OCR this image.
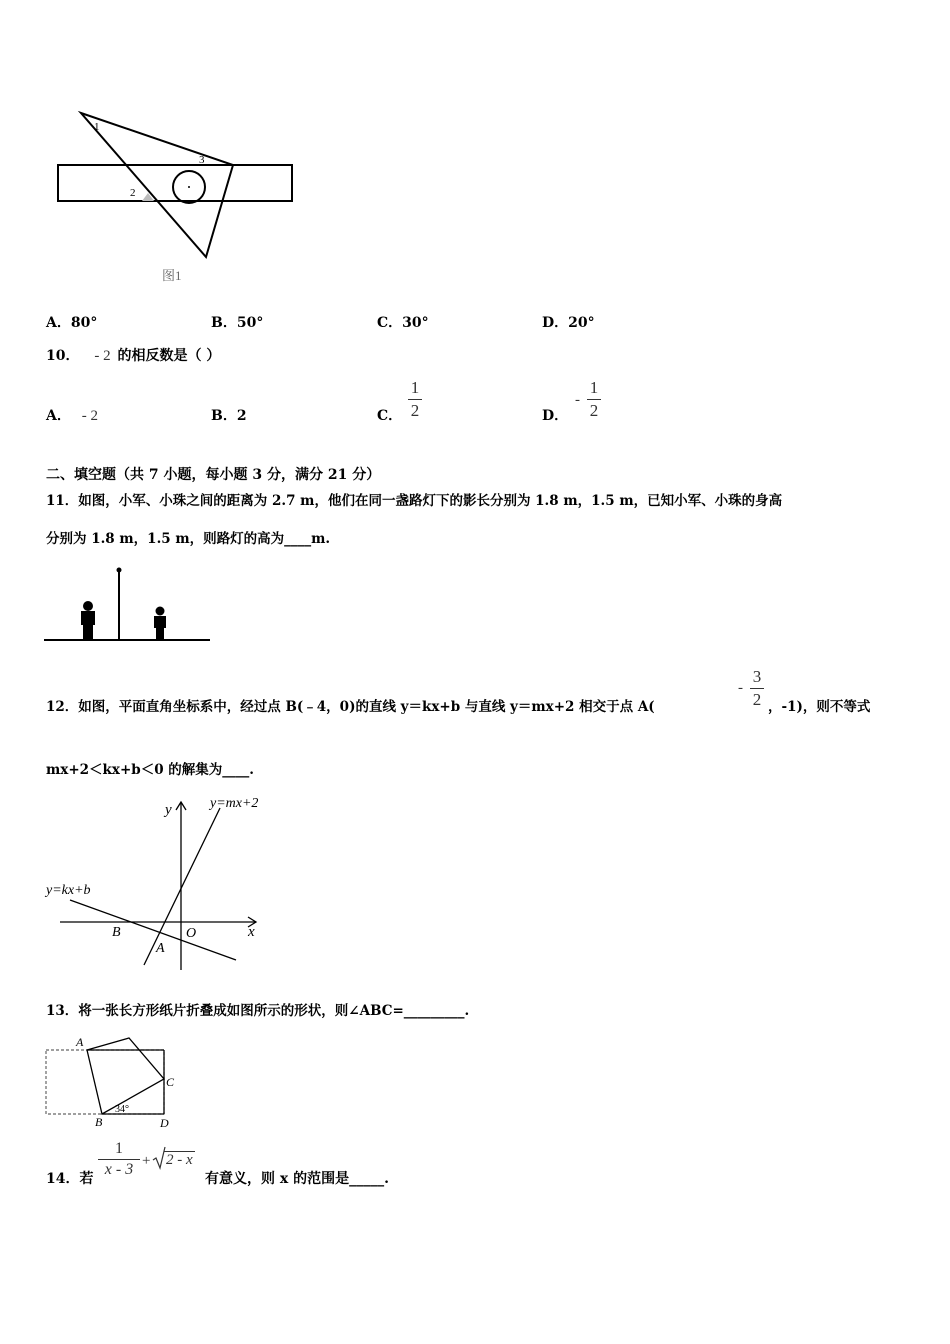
1
2
3
图1
A．80°	B．50°	C．30°	D．20°
10． - 2 的相反数是（ ）
A． - 2	B．2	C．
1
2	D．
-
1
2
二、填空题（共 7 小题，每小题 3 分，满分 21 分）
11．如图，小军、小珠之间的距离为 2.7 m，他们在同一盏路灯下的影长分别为 1.8 m，1.5 m，已知小军、小珠的身高
分别为 1.8 m，1.5 m，则路灯的高为____m.
12．如图，平面直角坐标系中，经过点 B(﹣4，0)的直线 y＝kx+b 与直线 y＝mx+2 相交于点 A(
-
3
2 ，-1)，则不等式
mx+2＜kx+b＜0 的解集为____.
y
x
y=mx+2
y=kx+b
B	O
A
13．将一张长方形纸片折叠成如图所示的形状，则∠ABC=_________.
A
B
C
D
34°
14．若
1
x - 3 + 2 - x
有意义，则 x 的范围是_____.
